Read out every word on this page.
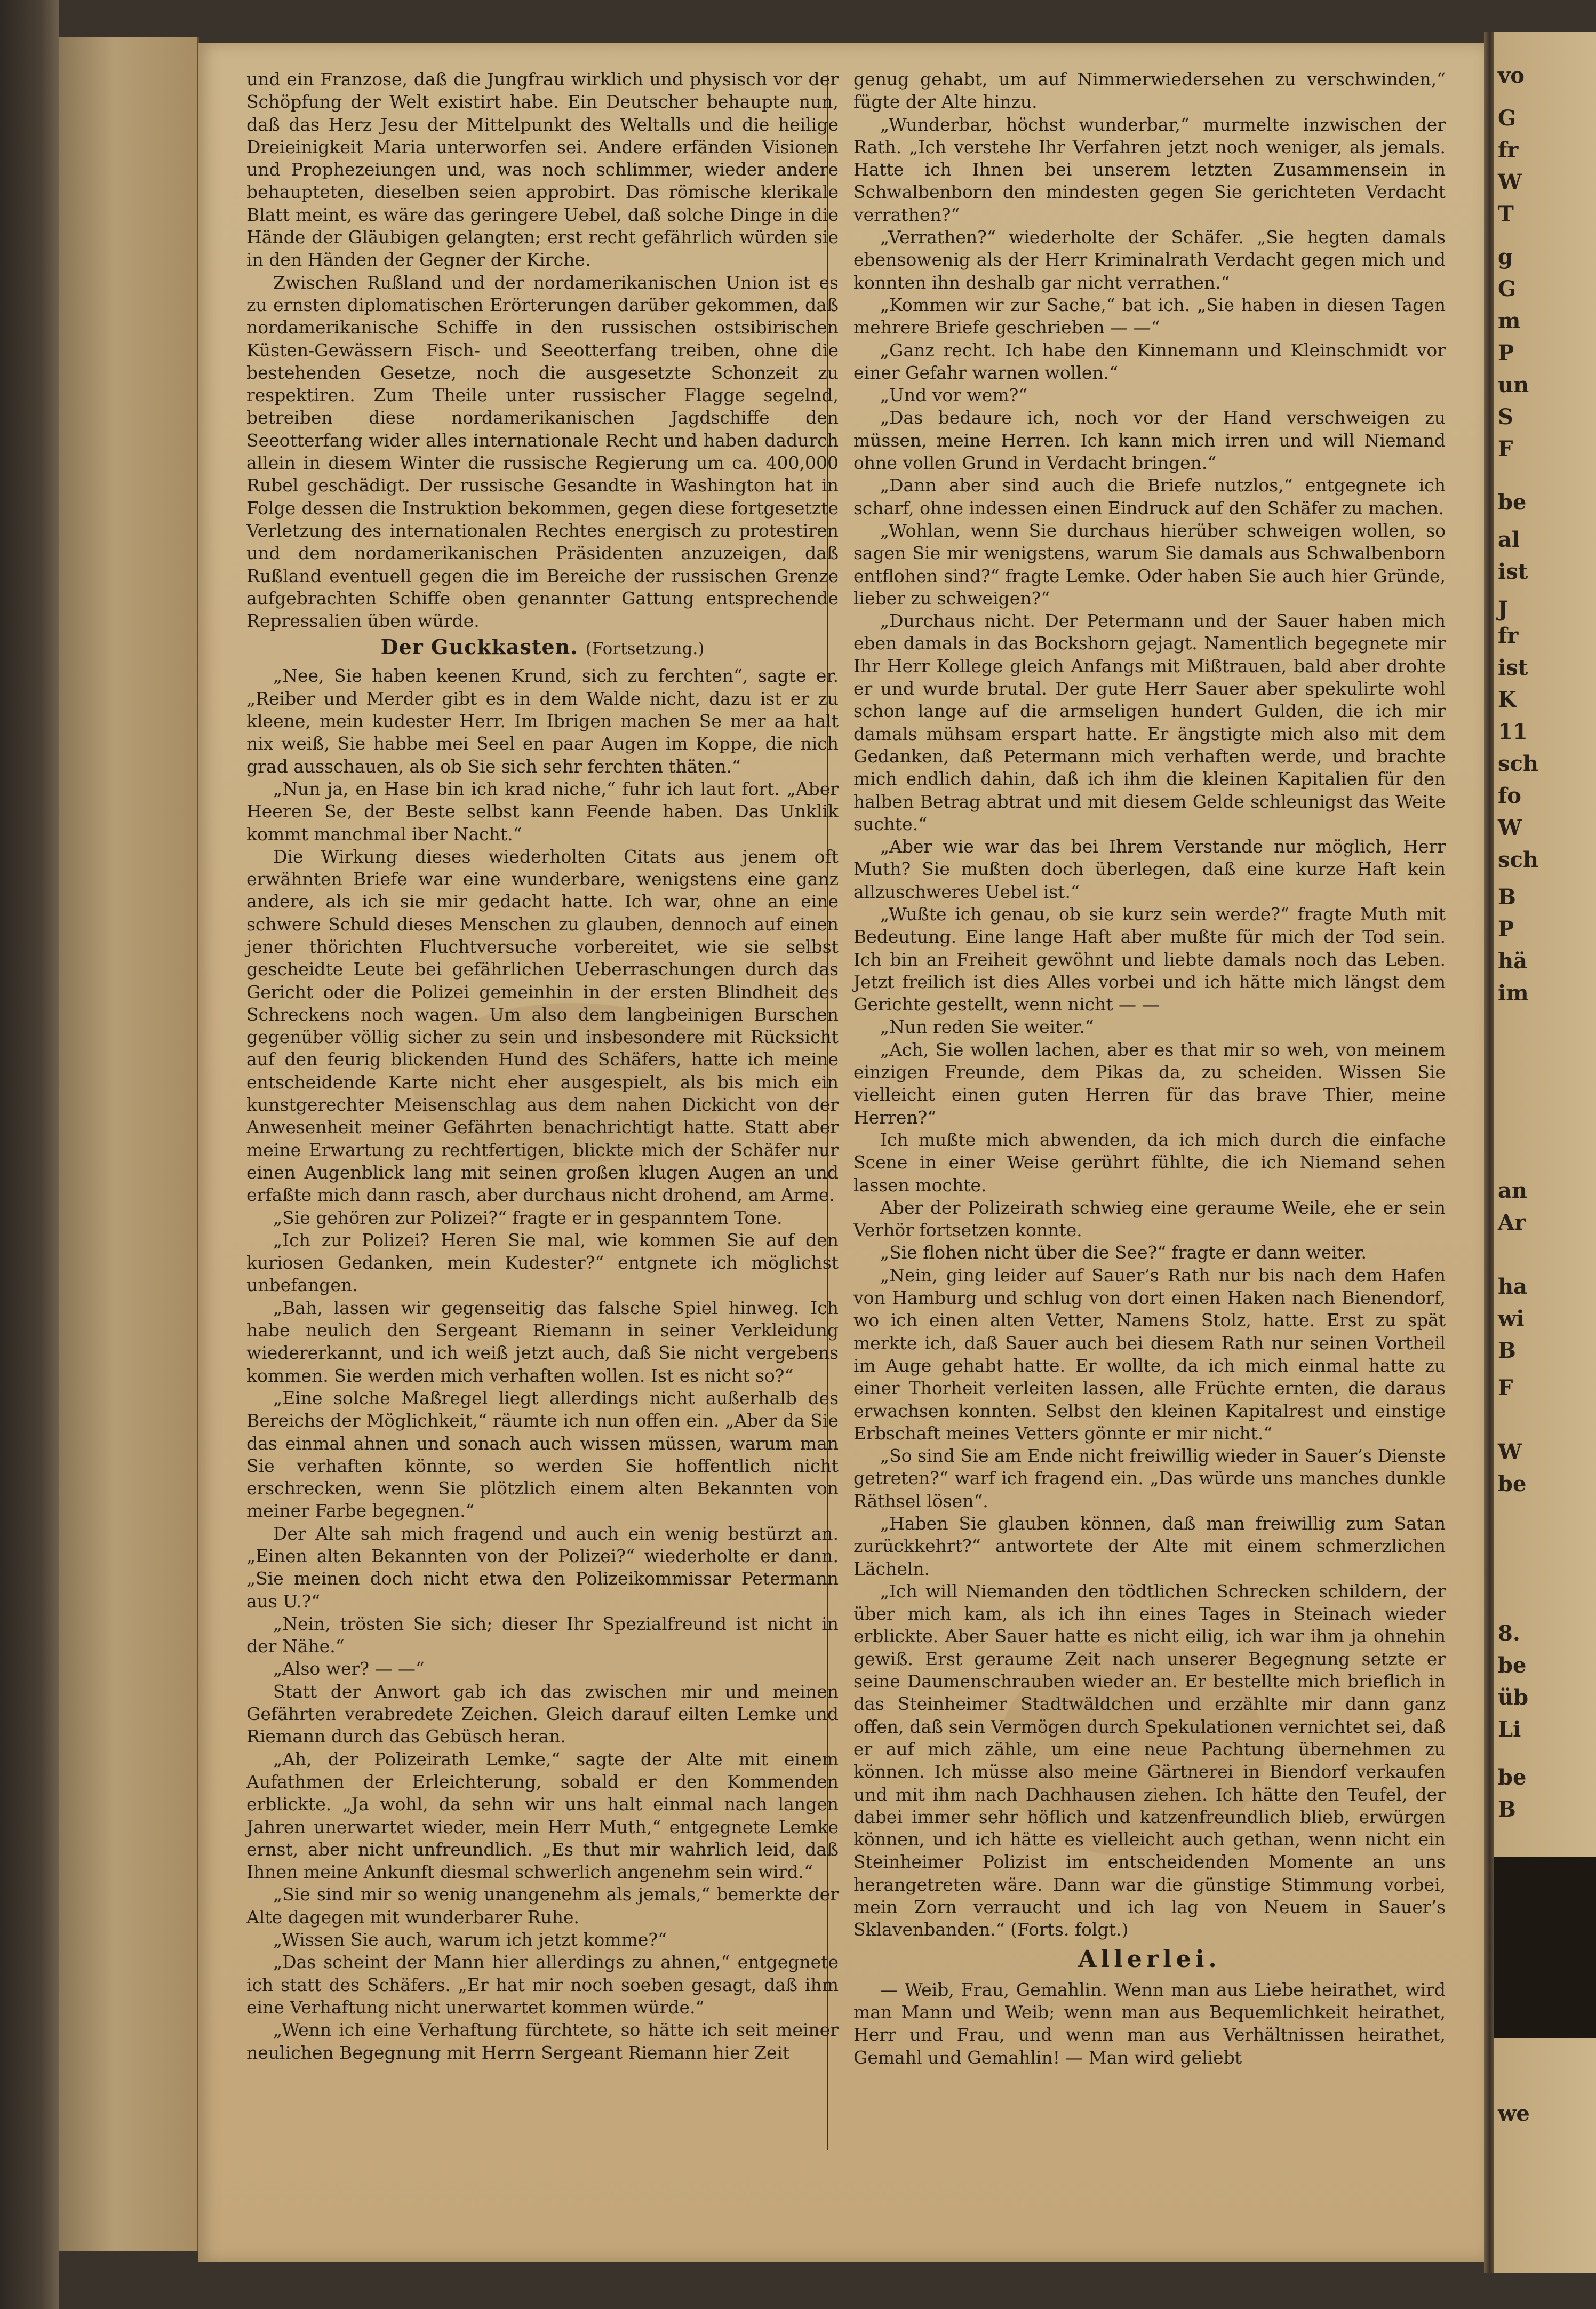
und ein Franzose, daß die Jungfrau wirklich und physisch vor der Schöpfung der Welt existirt habe. Ein Deutscher behaupte nun, daß das Herz Jesu der Mittelpunkt des Weltalls und die heilige Dreieinigkeit Maria unterworfen sei. Andere erfänden Visionen und Prophezeiungen und, was noch schlimmer, wieder andere behaupteten, dieselben seien approbirt. Das römische klerikale Blatt meint, es wäre das geringere Uebel, daß solche Dinge in die Hände der Gläubigen gelangten; erst recht gefährlich würden sie in den Händen der Gegner der Kirche.

Zwischen Rußland und der nordamerikanischen Union ist es zu ernsten diplomatischen Erörterungen darüber gekommen, daß nordamerikanische Schiffe in den russischen ostsibirischen Küsten-Gewässern Fisch- und Seeotterfang treiben, ohne die bestehenden Gesetze, noch die ausgesetzte Schonzeit zu respektiren. Zum Theile unter russischer Flagge segelnd, betreiben diese nordamerikanischen Jagdschiffe den Seeotterfang wider alles internationale Recht und haben dadurch allein in diesem Winter die russische Regierung um ca. 400,000 Rubel geschädigt. Der russische Gesandte in Washington hat in Folge dessen die Instruktion bekommen, gegen diese fortgesetzte Verletzung des internationalen Rechtes energisch zu protestiren und dem nordamerikanischen Präsidenten anzuzeigen, daß Rußland eventuell gegen die im Bereiche der russischen Grenze aufgebrachten Schiffe oben genannter Gattung entsprechende Repressalien üben würde.

Der Guckkasten. (Fortsetzung.)

„Nee, Sie haben keenen Krund, sich zu ferchten“, sagte er. „Reiber und Merder gibt es in dem Walde nicht, dazu ist er zu kleene, mein kudester Herr. Im Ibrigen machen Se mer aa halt nix weiß, Sie habbe mei Seel en paar Augen im Koppe, die nich grad ausschauen, als ob Sie sich sehr ferchten thäten.“

„Nun ja, en Hase bin ich krad niche,“ fuhr ich laut fort. „Aber Heeren Se, der Beste selbst kann Feende haben. Das Unklik kommt manchmal iber Nacht.“

Die Wirkung dieses wiederholten Citats aus jenem oft erwähnten Briefe war eine wunderbare, wenigstens eine ganz andere, als ich sie mir gedacht hatte. Ich war, ohne an eine schwere Schuld dieses Menschen zu glauben, dennoch auf einen jener thörichten Fluchtversuche vorbereitet, wie sie selbst gescheidte Leute bei gefährlichen Ueberraschungen durch das Gericht oder die Polizei gemeinhin in der ersten Blindheit des Schreckens noch wagen. Um also dem langbeinigen Burschen gegenüber völlig sicher zu sein und insbesondere mit Rücksicht auf den feurig blickenden Hund des Schäfers, hatte ich meine entscheidende Karte nicht eher ausgespielt, als bis mich ein kunstgerechter Meisenschlag aus dem nahen Dickicht von der Anwesenheit meiner Gefährten benachrichtigt hatte. Statt aber meine Erwartung zu rechtfertigen, blickte mich der Schäfer nur einen Augenblick lang mit seinen großen klugen Augen an und erfaßte mich dann rasch, aber durchaus nicht drohend, am Arme.

„Sie gehören zur Polizei?“ fragte er in gespanntem Tone.

„Ich zur Polizei? Heren Sie mal, wie kommen Sie auf den kuriosen Gedanken, mein Kudester?“ entgnete ich möglichst unbefangen.

„Bah, lassen wir gegenseitig das falsche Spiel hinweg. Ich habe neulich den Sergeant Riemann in seiner Verkleidung wiedererkannt, und ich weiß jetzt auch, daß Sie nicht vergebens kommen. Sie werden mich verhaften wollen. Ist es nicht so?“

„Eine solche Maßregel liegt allerdings nicht außerhalb des Bereichs der Möglichkeit,“ räumte ich nun offen ein. „Aber da Sie das einmal ahnen und sonach auch wissen müssen, warum man Sie verhaften könnte, so werden Sie hoffentlich nicht erschrecken, wenn Sie plötzlich einem alten Bekannten von meiner Farbe begegnen.“

Der Alte sah mich fragend und auch ein wenig bestürzt an. „Einen alten Bekannten von der Polizei?“ wiederholte er dann. „Sie meinen doch nicht etwa den Polizeikommissar Petermann aus U.?“

„Nein, trösten Sie sich; dieser Ihr Spezialfreund ist nicht in der Nähe.“

„Also wer? — —“

Statt der Anwort gab ich das zwischen mir und meinen Gefährten verabredete Zeichen. Gleich darauf eilten Lemke und Riemann durch das Gebüsch heran.

„Ah, der Polizeirath Lemke,“ sagte der Alte mit einem Aufathmen der Erleichterung, sobald er den Kommenden erblickte. „Ja wohl, da sehn wir uns halt einmal nach langen Jahren unerwartet wieder, mein Herr Muth,“ entgegnete Lemke ernst, aber nicht unfreundlich. „Es thut mir wahrlich leid, daß Ihnen meine Ankunft diesmal schwerlich angenehm sein wird.“

„Sie sind mir so wenig unangenehm als jemals,“ bemerkte der Alte dagegen mit wunderbarer Ruhe.

„Wissen Sie auch, warum ich jetzt komme?“

„Das scheint der Mann hier allerdings zu ahnen,“ entgegnete ich statt des Schäfers. „Er hat mir noch soeben gesagt, daß ihm eine Verhaftung nicht unerwartet kommen würde.“

„Wenn ich eine Verhaftung fürchtete, so hätte ich seit meiner neulichen Begegnung mit Herrn Sergeant Riemann hier Zeit

genug gehabt, um auf Nimmerwiedersehen zu verschwinden,“ fügte der Alte hinzu.

„Wunderbar, höchst wunderbar,“ murmelte inzwischen der Rath. „Ich verstehe Ihr Verfahren jetzt noch weniger, als jemals. Hatte ich Ihnen bei unserem letzten Zusammensein in Schwalbenborn den mindesten gegen Sie gerichteten Verdacht verrathen?“

„Verrathen?“ wiederholte der Schäfer. „Sie hegten damals ebensowenig als der Herr Kriminalrath Verdacht gegen mich und konnten ihn deshalb gar nicht verrathen.“

„Kommen wir zur Sache,“ bat ich. „Sie haben in diesen Tagen mehrere Briefe geschrieben — —“

„Ganz recht. Ich habe den Kinnemann und Kleinschmidt vor einer Gefahr warnen wollen.“

„Und vor wem?“

„Das bedaure ich, noch vor der Hand verschweigen zu müssen, meine Herren. Ich kann mich irren und will Niemand ohne vollen Grund in Verdacht bringen.“

„Dann aber sind auch die Briefe nutzlos,“ entgegnete ich scharf, ohne indessen einen Eindruck auf den Schäfer zu machen.

„Wohlan, wenn Sie durchaus hierüber schweigen wollen, so sagen Sie mir wenigstens, warum Sie damals aus Schwalbenborn entflohen sind?“ fragte Lemke. Oder haben Sie auch hier Gründe, lieber zu schweigen?“

„Durchaus nicht. Der Petermann und der Sauer haben mich eben damals in das Bockshorn gejagt. Namentlich begegnete mir Ihr Herr Kollege gleich Anfangs mit Mißtrauen, bald aber drohte er und wurde brutal. Der gute Herr Sauer aber spekulirte wohl schon lange auf die armseligen hundert Gulden, die ich mir damals mühsam erspart hatte. Er ängstigte mich also mit dem Gedanken, daß Petermann mich verhaften werde, und brachte mich endlich dahin, daß ich ihm die kleinen Kapitalien für den halben Betrag abtrat und mit diesem Gelde schleunigst das Weite suchte.“

„Aber wie war das bei Ihrem Verstande nur möglich, Herr Muth? Sie mußten doch überlegen, daß eine kurze Haft kein allzuschweres Uebel ist.“

„Wußte ich genau, ob sie kurz sein werde?“ fragte Muth mit Bedeutung. Eine lange Haft aber mußte für mich der Tod sein. Ich bin an Freiheit gewöhnt und liebte damals noch das Leben. Jetzt freilich ist dies Alles vorbei und ich hätte mich längst dem Gerichte gestellt, wenn nicht — —

„Nun reden Sie weiter.“

„Ach, Sie wollen lachen, aber es that mir so weh, von meinem einzigen Freunde, dem Pikas da, zu scheiden. Wissen Sie vielleicht einen guten Herren für das brave Thier, meine Herren?“

Ich mußte mich abwenden, da ich mich durch die einfache Scene in einer Weise gerührt fühlte, die ich Niemand sehen lassen mochte.

Aber der Polizeirath schwieg eine geraume Weile, ehe er sein Verhör fortsetzen konnte.

„Sie flohen nicht über die See?“ fragte er dann weiter.

„Nein, ging leider auf Sauer’s Rath nur bis nach dem Hafen von Hamburg und schlug von dort einen Haken nach Bienendorf, wo ich einen alten Vetter, Namens Stolz, hatte. Erst zu spät merkte ich, daß Sauer auch bei diesem Rath nur seinen Vortheil im Auge gehabt hatte. Er wollte, da ich mich einmal hatte zu einer Thorheit verleiten lassen, alle Früchte ernten, die daraus erwachsen konnten. Selbst den kleinen Kapitalrest und einstige Erbschaft meines Vetters gönnte er mir nicht.“

„So sind Sie am Ende nicht freiwillig wieder in Sauer’s Dienste getreten?“ warf ich fragend ein. „Das würde uns manches dunkle Räthsel lösen“.

„Haben Sie glauben können, daß man freiwillig zum Satan zurückkehrt?“ antwortete der Alte mit einem schmerzlichen Lächeln.

„Ich will Niemanden den tödtlichen Schrecken schildern, der über mich kam, als ich ihn eines Tages in Steinach wieder erblickte. Aber Sauer hatte es nicht eilig, ich war ihm ja ohnehin gewiß. Erst geraume Zeit nach unserer Begegnung setzte er seine Daumenschrauben wieder an. Er bestellte mich brieflich in das Steinheimer Stadtwäldchen und erzählte mir dann ganz offen, daß sein Vermögen durch Spekulationen vernichtet sei, daß er auf mich zähle, um eine neue Pachtung übernehmen zu können. Ich müsse also meine Gärtnerei in Biendorf verkaufen und mit ihm nach Dachhausen ziehen. Ich hätte den Teufel, der dabei immer sehr höflich und katzenfreundlich blieb, erwürgen können, und ich hätte es vielleicht auch gethan, wenn nicht ein Steinheimer Polizist im entscheidenden Momente an uns herangetreten wäre. Dann war die günstige Stimmung vorbei, mein Zorn verraucht und ich lag von Neuem in Sauer’s Sklavenbanden.“ (Forts. folgt.)

Allerlei.

— Weib, Frau, Gemahlin. Wenn man aus Liebe heirathet, wird man Mann und Weib; wenn man aus Bequemlichkeit heirathet, Herr und Frau, und wenn man aus Verhältnissen heirathet, Gemahl und Gemahlin! — Man wird geliebt

vo
G
fr
W
T
g
G
m
P
un
S
F
be
al
ist
J
fr
ist
K
11
sch
fo
W
sch
B
P
hä
im
an
Ar
ha
wi
B
F
W
be
8.
be
üb
Li
be
B
we
